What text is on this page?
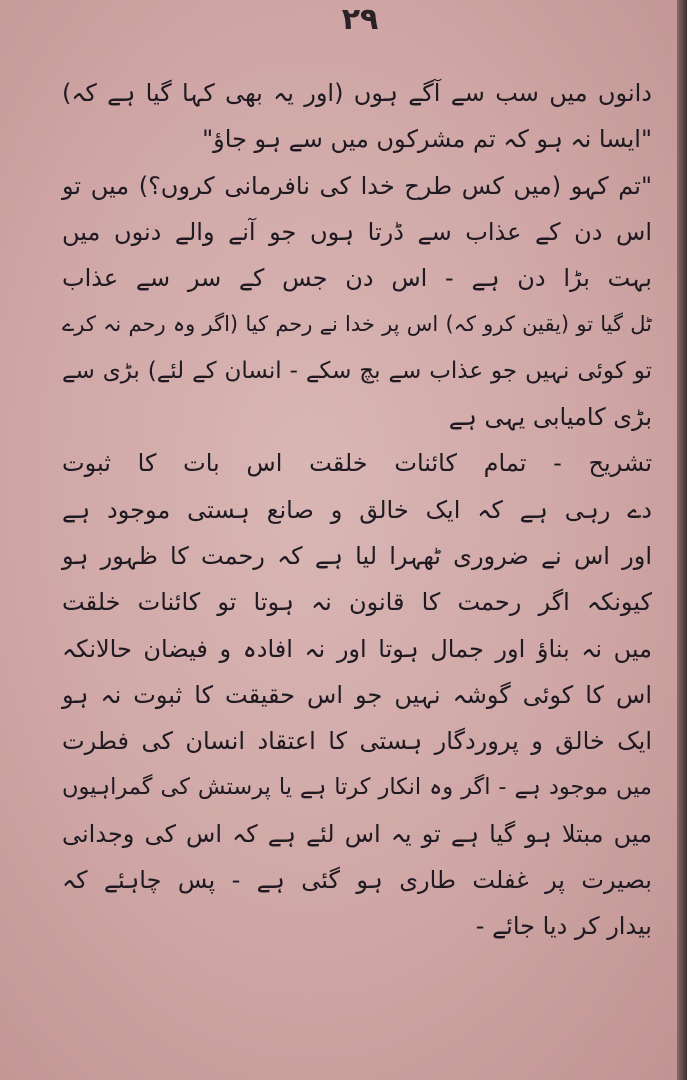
۲۹
دانوں میں سب سے آگے ہوں (اور یہ بھی کہا گیا ہے کہ)
"ایسا نہ ہو کہ تم مشرکوں میں سے ہو جاؤ"
"تم کہو (میں کس طرح خدا کی نافرمانی کروں؟) میں تو
اس دن کے عذاب سے ڈرتا ہوں جو آنے والے دنوں میں
بہت بڑا دن ہے - اس دن جس کے سر سے عذاب
ٹل گیا تو (یقین کرو کہ) اس پر خدا نے رحم کیا (اگر وہ رحم نہ کرے
تو کوئی نہیں جو عذاب سے بچ سکے - انسان کے لئے) بڑی سے
بڑی کامیابی یہی ہے
تشریح - تمام کائنات خلقت اس بات کا ثبوت
دے رہی ہے کہ ایک خالق و صانع ہستی موجود ہے
اور اس نے ضروری ٹھہرا لیا ہے کہ رحمت کا ظہور ہو
کیونکہ اگر رحمت کا قانون نہ ہوتا تو کائنات خلقت
میں نہ بناؤ اور جمال ہوتا اور نہ افادہ و فیضان حالانکہ
اس کا کوئی گوشہ نہیں جو اس حقیقت کا ثبوت نہ ہو
ایک خالق و پروردگار ہستی کا اعتقاد انسان کی فطرت
میں موجود ہے - اگر وہ انکار کرتا ہے یا پرستش کی گمراہیوں
میں مبتلا ہو گیا ہے تو یہ اس لئے ہے کہ اس کی وجدانی
بصیرت پر غفلت طاری ہو گئی ہے - پس چاہئے کہ
بیدار کر دیا جائے -
